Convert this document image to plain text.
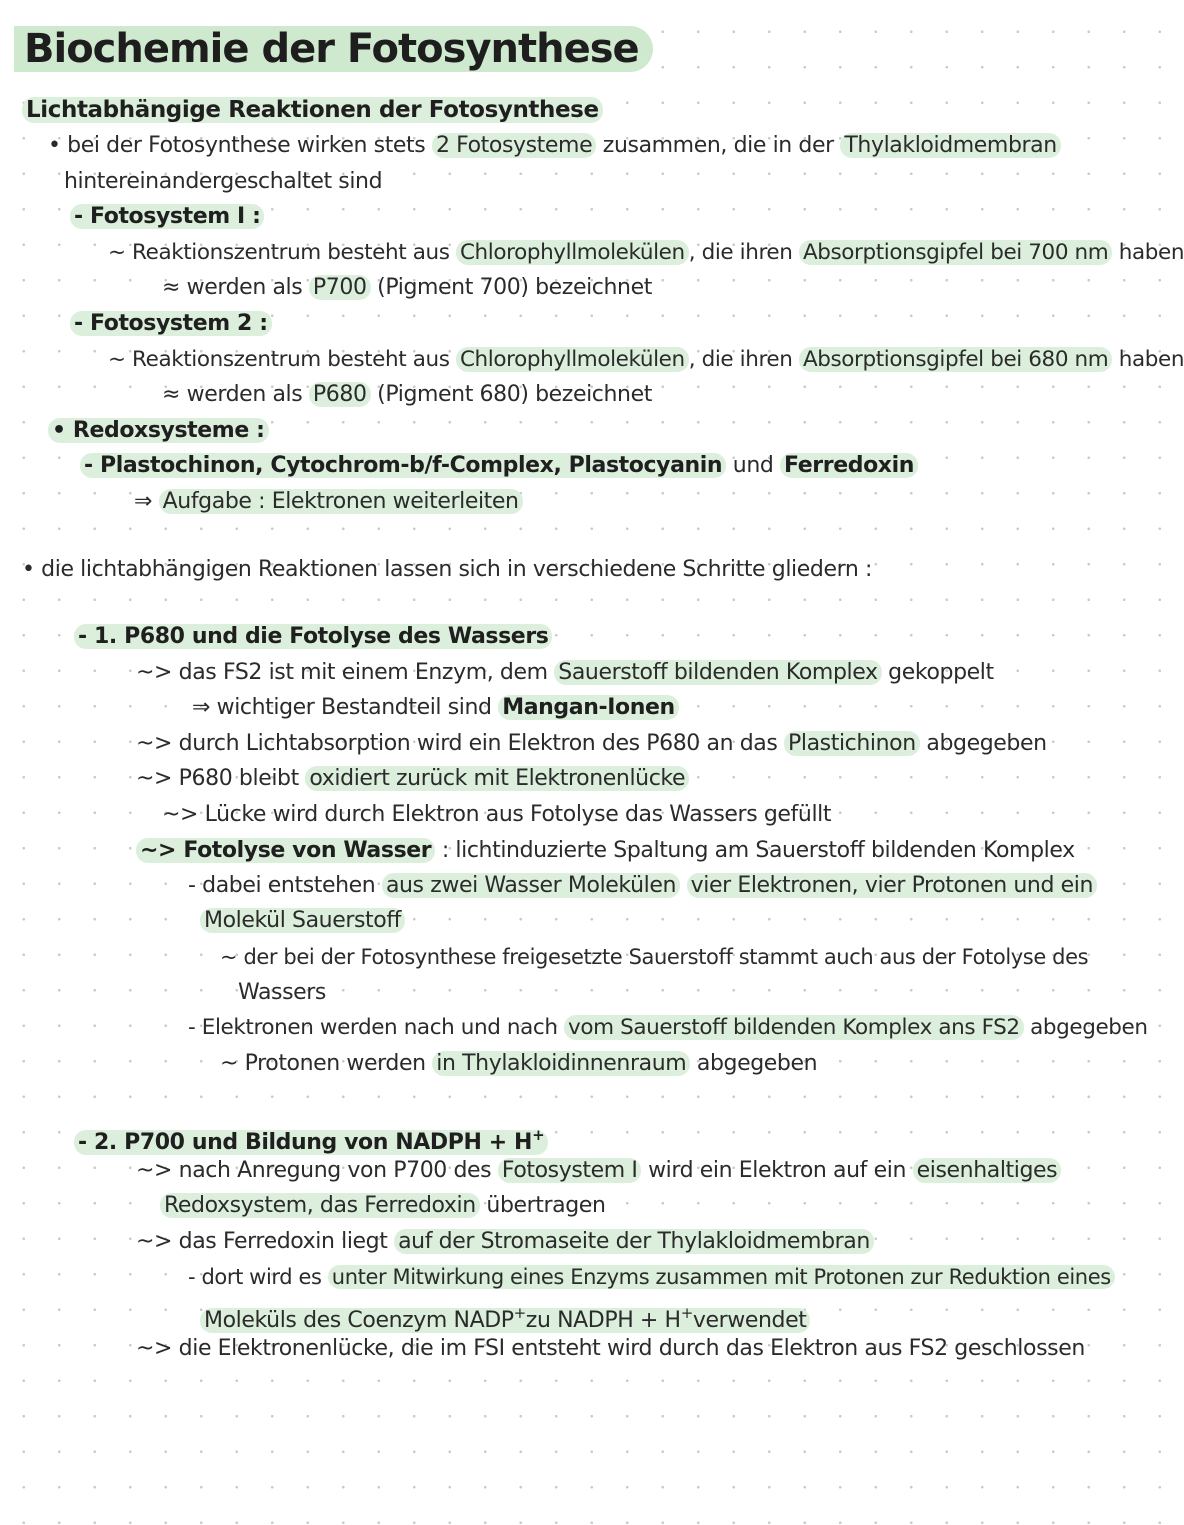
Biochemie der Fotosynthese
Lichtabhängige Reaktionen der Fotosynthese
• bei der Fotosynthese wirken stets 2 Fotosysteme zusammen, die in der Thylakloidmembran
hintereinandergeschaltet sind
- Fotosystem I :
~ Reaktionszentrum besteht aus Chlorophyllmolekülen , die ihren Absorptionsgipfel bei 700 nm haben
≈ werden als P700 (Pigment 700) bezeichnet
- Fotosystem 2 :
~ Reaktionszentrum besteht aus Chlorophyllmolekülen , die ihren Absorptionsgipfel bei 680 nm haben
≈ werden als P680 (Pigment 680) bezeichnet
• Redoxsysteme :
- Plastochinon, Cytochrom-b/f-Complex, Plastocyanin und Ferredoxin
⇒ Aufgabe : Elektronen weiterleiten
• die lichtabhängigen Reaktionen lassen sich in verschiedene Schritte gliedern :
- 1. P680 und die Fotolyse des Wassers
~> das FS2 ist mit einem Enzym, dem Sauerstoff bildenden Komplex gekoppelt
⇒ wichtiger Bestandteil sind Mangan-Ionen
~> durch Lichtabsorption wird ein Elektron des P680 an das Plastichinon abgegeben
~> P680 bleibt oxidiert zurück mit Elektronenlücke
~> Lücke wird durch Elektron aus Fotolyse das Wassers gefüllt
~> Fotolyse von Wasser : lichtinduzierte Spaltung am Sauerstoff bildenden Komplex
- dabei entstehen aus zwei Wasser Molekülen vier Elektronen, vier Protonen und ein
Molekül Sauerstoff
~ der bei der Fotosynthese freigesetzte Sauerstoff stammt auch aus der Fotolyse des
Wassers
- Elektronen werden nach und nach vom Sauerstoff bildenden Komplex ans FS2 abgegeben
~ Protonen werden in Thylakloidinnenraum abgegeben
- 2. P700 und Bildung von NADPH + H+
~> nach Anregung von P700 des Fotosystem I wird ein Elektron auf ein eisenhaltiges
Redoxsystem, das Ferredoxin übertragen
~> das Ferredoxin liegt auf der Stromaseite der Thylakloidmembran
- dort wird es unter Mitwirkung eines Enzyms zusammen mit Protonen zur Reduktion eines
Moleküls des Coenzym NADP+zu NADPH + H+verwendet
~> die Elektronenlücke, die im FSI entsteht wird durch das Elektron aus FS2 geschlossen
